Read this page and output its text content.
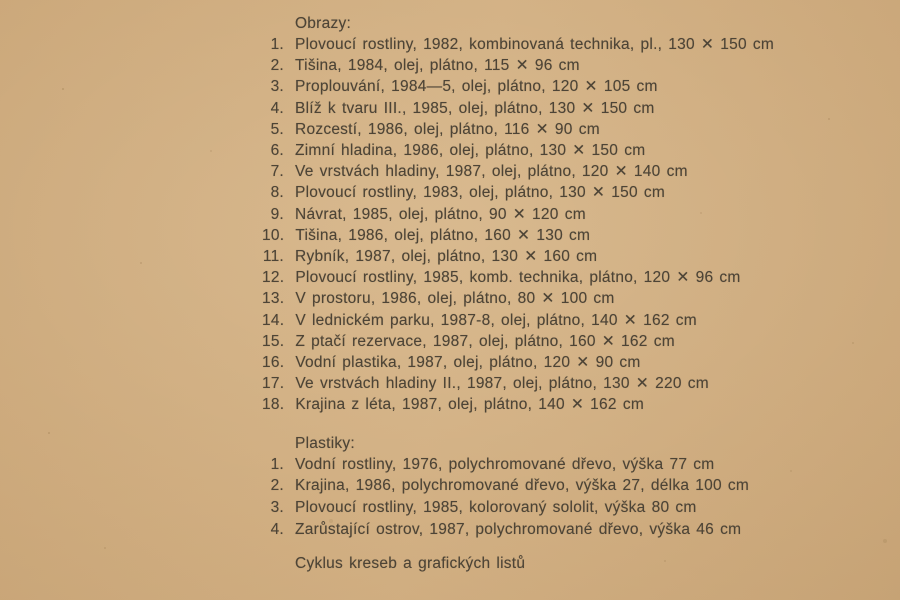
Obrazy:
1. Plovoucí rostliny, 1982, kombinovaná technika, pl., 130 ✕ 150 cm
2. Tišina, 1984, olej, plátno, 115 ✕ 96 cm
3. Proplouvání, 1984—5, olej, plátno, 120 ✕ 105 cm
4. Blíž k tvaru III., 1985, olej, plátno, 130 ✕ 150 cm
5. Rozcestí, 1986, olej, plátno, 116 ✕ 90 cm
6. Zimní hladina, 1986, olej, plátno, 130 ✕ 150 cm
7. Ve vrstvách hladiny, 1987, olej, plátno, 120 ✕ 140 cm
8. Plovoucí rostliny, 1983, olej, plátno, 130 ✕ 150 cm
9. Návrat, 1985, olej, plátno, 90 ✕ 120 cm
10. Tišina, 1986, olej, plátno, 160 ✕ 130 cm
11. Rybník, 1987, olej, plátno, 130 ✕ 160 cm
12. Plovoucí rostliny, 1985, komb. technika, plátno, 120 ✕ 96 cm
13. V prostoru, 1986, olej, plátno, 80 ✕ 100 cm
14. V lednickém parku, 1987-8, olej, plátno, 140 ✕ 162 cm
15. Z ptačí rezervace, 1987, olej, plátno, 160 ✕ 162 cm
16. Vodní plastika, 1987, olej, plátno, 120 ✕ 90 cm
17. Ve vrstvách hladiny II., 1987, olej, plátno, 130 ✕ 220 cm
18. Krajina z léta, 1987, olej, plátno, 140 ✕ 162 cm
Plastiky:
1. Vodní rostliny, 1976, polychromované dřevo, výška 77 cm
2. Krajina, 1986, polychromované dřevo, výška 27, délka 100 cm
3. Plovoucí rostliny, 1985, kolorovaný sololit, výška 80 cm
4. Zarůstající ostrov, 1987, polychromované dřevo, výška 46 cm
Cyklus kreseb a grafických listů
